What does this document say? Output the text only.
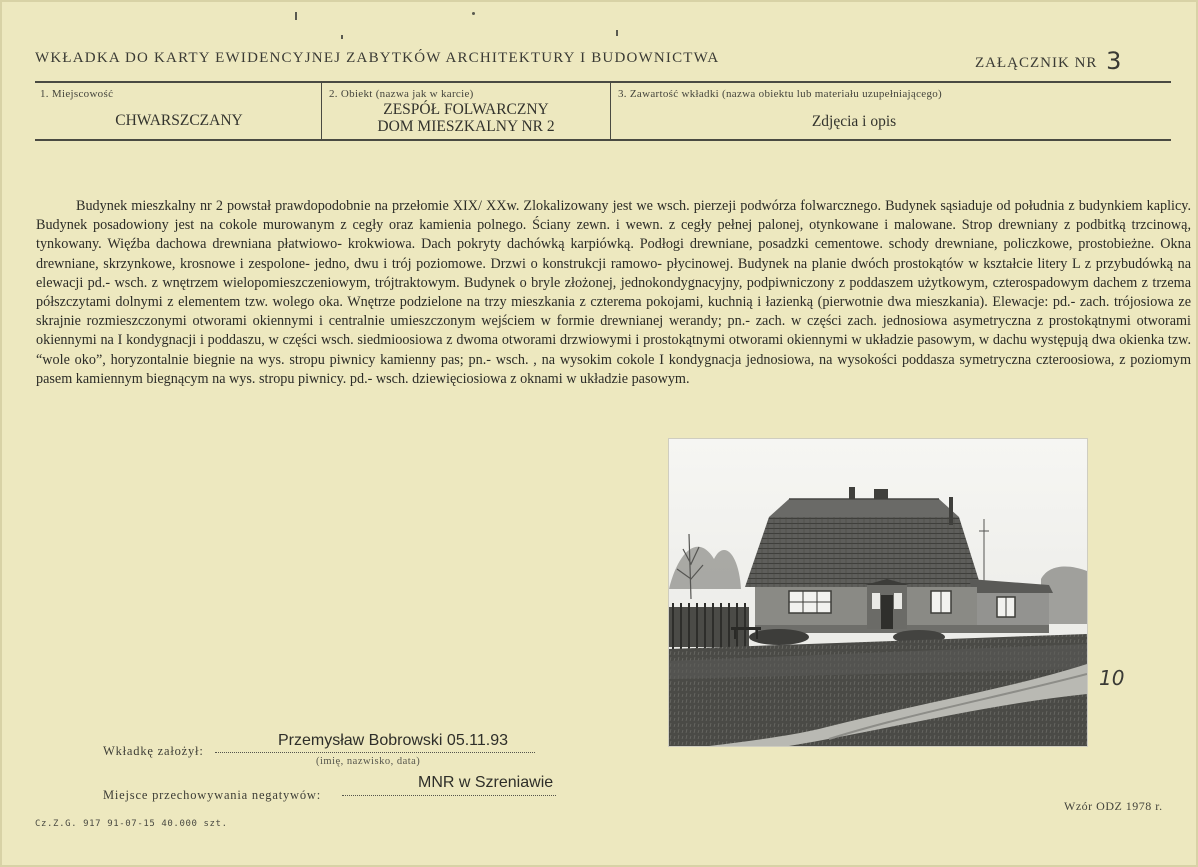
WKŁADKA DO KARTY EWIDENCYJNEJ ZABYTKÓW ARCHITEKTURY I BUDOWNICTWA	ZAŁĄCZNIK NR 3
1. Miejscowość
CHWARSZCZANY
2. Obiekt (nazwa jak w karcie)
ZESPÓŁ FOLWARCZNY
DOM MIESZKALNY NR 2
3. Zawartość wkładki (nazwa obiektu lub materiału uzupełniającego)
Zdjęcia i opis
Budynek mieszkalny nr 2 powstał prawdopodobnie na przełomie XIX/ XXw. Zlokalizowany jest we wsch. pierzeji podwórza folwarcznego. Budynek sąsiaduje od południa z budynkiem kaplicy. Budynek posadowiony jest na cokole murowanym z cegły oraz kamienia polnego. Ściany zewn. i wewn. z cegły pełnej palonej, otynkowane i malowane. Strop drewniany z podbitką trzcinową, tynkowany. Więźba dachowa drewniana płatwiowo- krokwiowa. Dach pokryty dachówką karpiówką. Podłogi drewniane, posadzki cementowe. schody drewniane, policzkowe, prostobieżne. Okna drewniane, skrzynkowe, krosnowe i zespolone- jedno, dwu i trój poziomowe. Drzwi o konstrukcji ramowo- płycinowej. Budynek na planie dwóch prostokątów w kształcie litery L z przybudówką na elewacji pd.- wsch. z wnętrzem wielopomieszczeniowym, trójtraktowym. Budynek o bryle złożonej, jednokondygnacyjny, podpiwniczony z poddaszem użytkowym, czterospadowym dachem z trzema półszczytami dolnymi z elementem tzw. wolego oka. Wnętrze podzielone na trzy mieszkania z czterema pokojami, kuchnią i łazienką (pierwotnie dwa mieszkania). Elewacje: pd.- zach. trójosiowa ze skrajnie rozmieszczonymi otworami okiennymi i centralnie umieszczonym wejściem w formie drewnianej werandy; pn.- zach. w części zach. jednosiowa asymetryczna z prostokątnymi otworami okiennymi na I kondygnacji i poddaszu, w części wsch. siedmioosiowa z dwoma otworami drzwiowymi i prostokątnymi otworami okiennymi w układzie pasowym, w dachu występują dwa okienka tzw. “wole oko”, horyzontalnie biegnie na wys. stropu piwnicy kamienny pas; pn.- wsch. , na wysokim cokole I kondygnacja jednosiowa, na wysokości poddasza symetryczna czteroosiowa, z poziomym pasem kamiennym biegnącym na wys. stropu piwnicy. pd.- wsch. dziewięciosiowa z oknami w układzie pasowym.
10
Wkładkę założył:
Przemysław Bobrowski 05.11.93
(imię, nazwisko, data)
Miejsce przechowywania negatywów:
MNR w Szreniawie
Cz.Z.G. 917 91-07-15 40.000 szt.
Wzór ODZ 1978 r.
